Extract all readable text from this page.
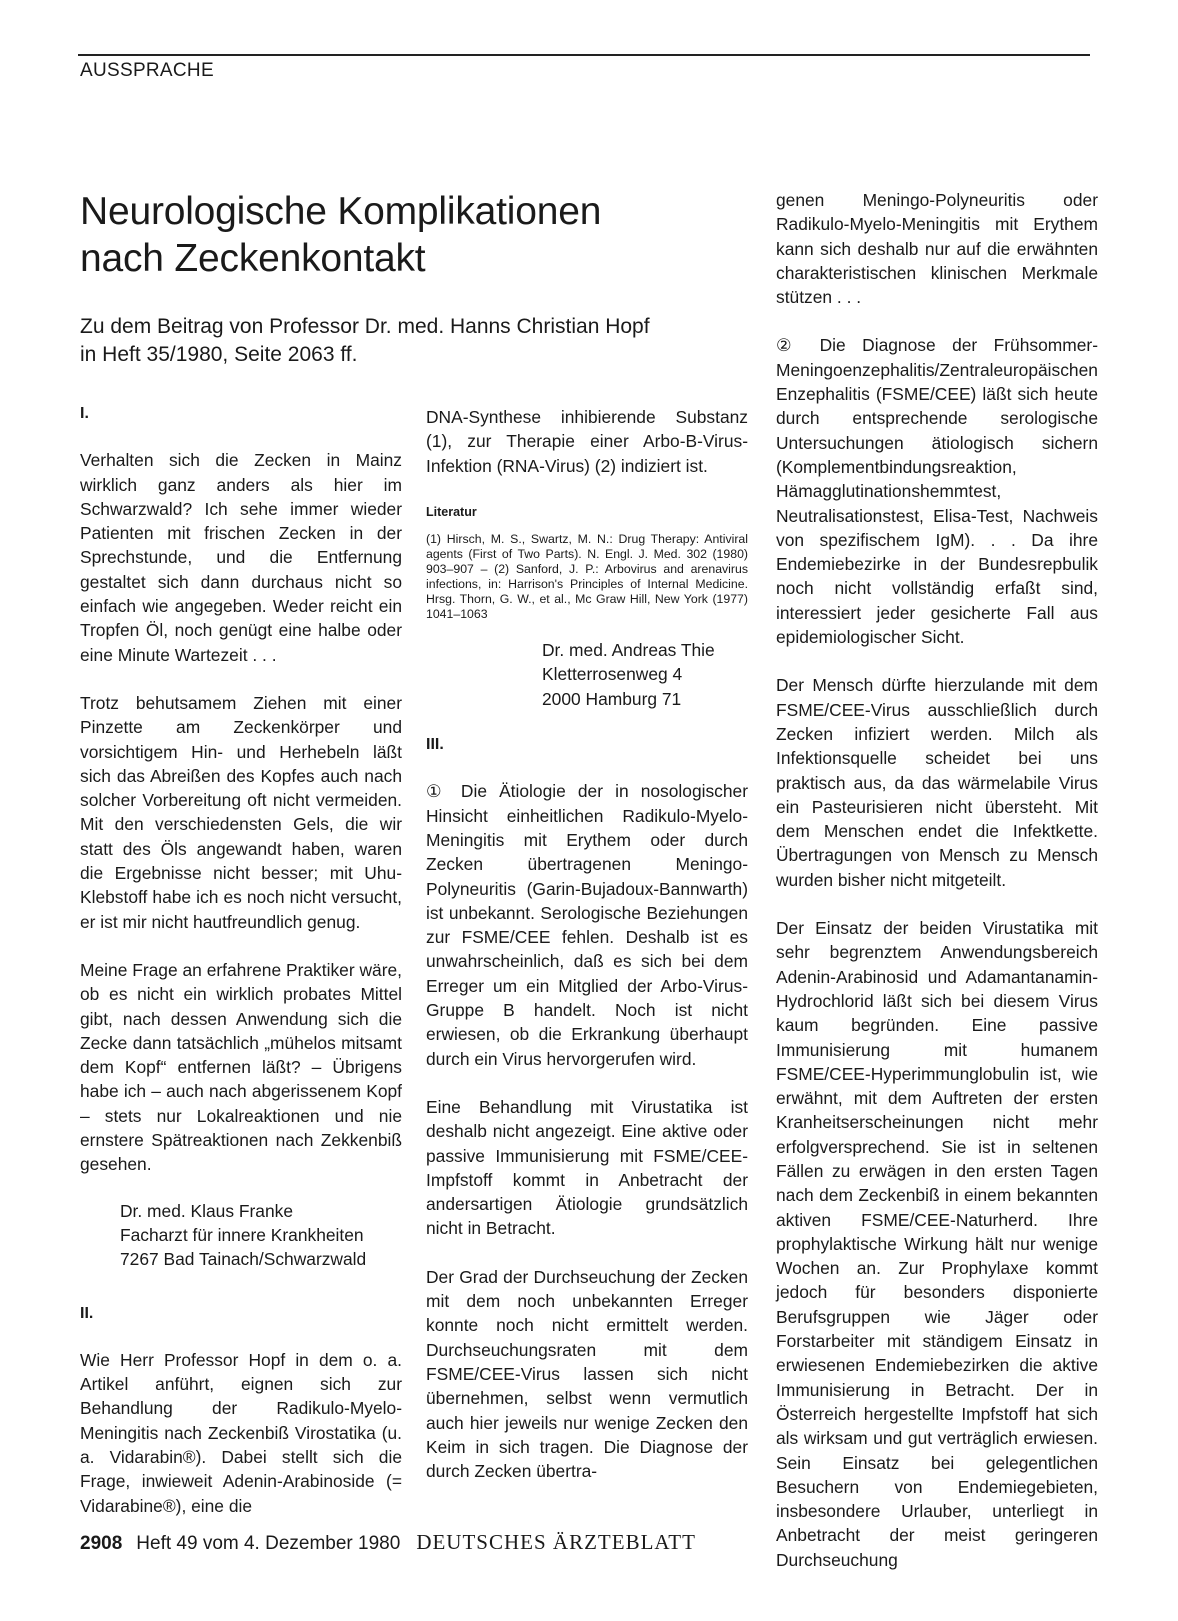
AUSSPRACHE
Neurologische Komplikationen
nach Zeckenkontakt
Zu dem Beitrag von Professor Dr. med. Hanns Christian Hopf
in Heft 35/1980, Seite 2063 ff.
I.

Verhalten sich die Zecken in Mainz wirklich ganz anders als hier im Schwarzwald? Ich sehe immer wieder Patienten mit frischen Zecken in der Sprechstunde, und die Entfernung gestaltet sich dann durchaus nicht so einfach wie angegeben. Weder reicht ein Tropfen Öl, noch genügt eine halbe oder eine Minute Wartezeit . . .

Trotz behutsamem Ziehen mit einer Pinzette am Zeckenkörper und vorsichtigem Hin- und Herhebeln läßt sich das Abreißen des Kopfes auch nach solcher Vorbereitung oft nicht vermeiden. Mit den verschiedensten Gels, die wir statt des Öls angewandt haben, waren die Ergebnisse nicht besser; mit Uhu-Klebstoff habe ich es noch nicht versucht, er ist mir nicht hautfreundlich genug.

Meine Frage an erfahrene Praktiker wäre, ob es nicht ein wirklich probates Mittel gibt, nach dessen Anwendung sich die Zecke dann tatsächlich „mühelos mitsamt dem Kopf“ entfernen läßt? – Übrigens habe ich – auch nach abgerissenem Kopf – stets nur Lokalreaktionen und nie ernstere Spätreaktionen nach Zekkenbiß gesehen.

Dr. med. Klaus Franke
Facharzt für innere Krankheiten
7267 Bad Tainach/Schwarzwald
II.

Wie Herr Professor Hopf in dem o. a. Artikel anführt, eignen sich zur Behandlung der Radikulo-Myelo-Meningitis nach Zeckenbiß Virostatika (u. a. Vidarabin®). Dabei stellt sich die Frage, inwieweit Adenin-Arabinoside (= Vidarabine®), eine die

DNA-Synthese inhibierende Substanz (1), zur Therapie einer Arbo-B-Virus-Infektion (RNA-Virus) (2) indiziert ist.

Literatur

(1) Hirsch, M. S., Swartz, M. N.: Drug Therapy: Antiviral agents (First of Two Parts). N. Engl. J. Med. 302 (1980) 903–907 – (2) Sanford, J. P.: Arbovirus and arenavirus infections, in: Harrison's Principles of Internal Medicine. Hrsg. Thorn, G. W., et al., Mc Graw Hill, New York (1977) 1041–1063

Dr. med. Andreas Thie
Kletterrosenweg 4
2000 Hamburg 71
III.

① Die Ätiologie der in nosologischer Hinsicht einheitlichen Radikulo-Myelo-Meningitis mit Erythem oder durch Zecken übertragenen Meningo-Polyneuritis (Garin-Bujadoux-Bannwarth) ist unbekannt. Serologische Beziehungen zur FSME/CEE fehlen. Deshalb ist es unwahrscheinlich, daß es sich bei dem Erreger um ein Mitglied der Arbo-Virus-Gruppe B handelt. Noch ist nicht erwiesen, ob die Erkrankung überhaupt durch ein Virus hervorgerufen wird.

Eine Behandlung mit Virustatika ist deshalb nicht angezeigt. Eine aktive oder passive Immunisierung mit FSME/CEE-Impfstoff kommt in Anbetracht der andersartigen Ätiologie grundsätzlich nicht in Betracht.

Der Grad der Durchseuchung der Zecken mit dem noch unbekannten Erreger konnte noch nicht ermittelt werden. Durchseuchungsraten mit dem FSME/CEE-Virus lassen sich nicht übernehmen, selbst wenn vermutlich auch hier jeweils nur wenige Zecken den Keim in sich tragen. Die Diagnose der durch Zecken übertra-

genen Meningo-Polyneuritis oder Radikulo-Myelo-Meningitis mit Erythem kann sich deshalb nur auf die erwähnten charakteristischen klinischen Merkmale stützen . . .

② Die Diagnose der Frühsommer-Meningoenzephalitis/Zentraleuropäischen Enzephalitis (FSME/CEE) läßt sich heute durch entsprechende serologische Untersuchungen ätiologisch sichern (Komplementbindungsreaktion, Hämagglutinationshemmtest, Neutralisationstest, Elisa-Test, Nachweis von spezifischem IgM). . . Da ihre Endemiebezirke in der Bundesrepbulik noch nicht vollständig erfaßt sind, interessiert jeder gesicherte Fall aus epidemiologischer Sicht.

Der Mensch dürfte hierzulande mit dem FSME/CEE-Virus ausschließlich durch Zecken infiziert werden. Milch als Infektionsquelle scheidet bei uns praktisch aus, da das wärmelabile Virus ein Pasteurisieren nicht übersteht. Mit dem Menschen endet die Infektkette. Übertragungen von Mensch zu Mensch wurden bisher nicht mitgeteilt.

Der Einsatz der beiden Virustatika mit sehr begrenztem Anwendungsbereich Adenin-Arabinosid und Adamantanamin-Hydrochlorid läßt sich bei diesem Virus kaum begründen. Eine passive Immunisierung mit humanem FSME/CEE-Hyperimmunglobulin ist, wie erwähnt, mit dem Auftreten der ersten Kranheitserscheinungen nicht mehr erfolgversprechend. Sie ist in seltenen Fällen zu erwägen in den ersten Tagen nach dem Zeckenbiß in einem bekannten aktiven FSME/CEE-Naturherd. Ihre prophylaktische Wirkung hält nur wenige Wochen an. Zur Prophylaxe kommt jedoch für besonders disponierte Berufsgruppen wie Jäger oder Forstarbeiter mit ständigem Einsatz in erwiesenen Endemiebezirken die aktive Immunisierung in Betracht. Der in Österreich hergestellte Impfstoff hat sich als wirksam und gut verträglich erwiesen. Sein Einsatz bei gelegentlichen Besuchern von Endemiegebieten, insbesondere Urlauber, unterliegt in Anbetracht der meist geringeren Durchseuchung

2908 Heft 49 vom 4. Dezember 1980 DEUTSCHES ÄRZTEBLATT
